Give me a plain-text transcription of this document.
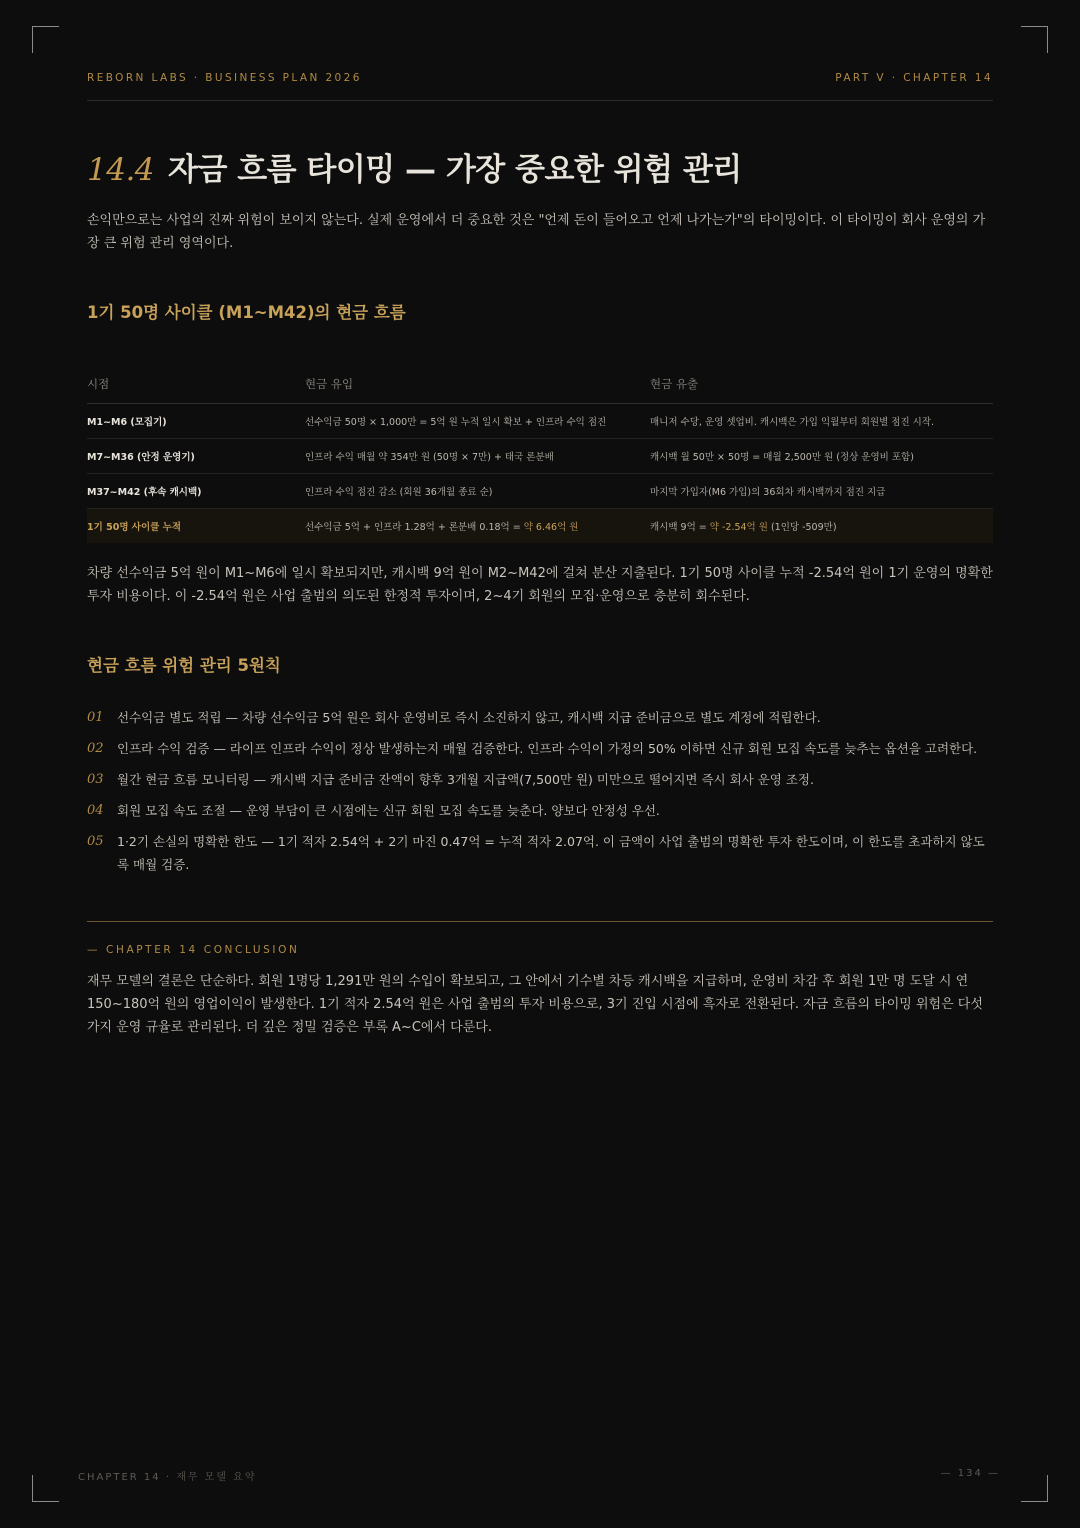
REBORN LABS · BUSINESS PLAN 2026	PART V · CHAPTER 14
14.4 자금 흐름 타이밍 — 가장 중요한 위험 관리
손익만으로는 사업의 진짜 위험이 보이지 않는다. 실제 운영에서 더 중요한 것은 "언제 돈이 들어오고 언제 나가는가"의 타이밍이다. 이 타이밍이 회사 운영의 가장 큰 위험 관리 영역이다.
1기 50명 사이클 (M1~M42)의 현금 흐름
시점	현금 유입	현금 유출
M1~M6 (모집기)	선수익금 50명 × 1,000만 = 5억 원 누적 일시 확보 + 인프라 수익 점진	매니저 수당, 운영 셋업비. 캐시백은 가입 익월부터 회원별 점진 시작.
M7~M36 (안정 운영기)	인프라 수익 매월 약 354만 원 (50명 × 7만) + 태국 론분배	캐시백 월 50만 × 50명 = 매월 2,500만 원 (정상 운영비 포함)
M37~M42 (후속 캐시백)	인프라 수익 점진 감소 (회원 36개월 종료 순)	마지막 가입자(M6 가입)의 36회차 캐시백까지 점진 지급
1기 50명 사이클 누적	선수익금 5억 + 인프라 1.28억 + 론분배 0.18억 = 약 6.46억 원	캐시백 9억 = 약 -2.54억 원 (1인당 -509만)
차량 선수익금 5억 원이 M1~M6에 일시 확보되지만, 캐시백 9억 원이 M2~M42에 걸쳐 분산 지출된다. 1기 50명 사이클 누적 -2.54억 원이 1기 운영의 명확한 투자 비용이다. 이 -2.54억 원은 사업 출범의 의도된 한정적 투자이며, 2~4기 회원의 모집·운영으로 충분히 회수된다.
현금 흐름 위험 관리 5원칙
01	선수익금 별도 적립 — 차량 선수익금 5억 원은 회사 운영비로 즉시 소진하지 않고, 캐시백 지급 준비금으로 별도 계정에 적립한다.
02	인프라 수익 검증 — 라이프 인프라 수익이 정상 발생하는지 매월 검증한다. 인프라 수익이 가정의 50% 이하면 신규 회원 모집 속도를 늦추는 옵션을 고려한다.
03	월간 현금 흐름 모니터링 — 캐시백 지급 준비금 잔액이 향후 3개월 지급액(7,500만 원) 미만으로 떨어지면 즉시 회사 운영 조정.
04	회원 모집 속도 조절 — 운영 부담이 큰 시점에는 신규 회원 모집 속도를 늦춘다. 양보다 안정성 우선.
05	1·2기 손실의 명확한 한도 — 1기 적자 2.54억 + 2기 마진 0.47억 = 누적 적자 2.07억. 이 금액이 사업 출범의 명확한 투자 한도이며, 이 한도를 초과하지 않도록 매월 검증.
— CHAPTER 14 CONCLUSION
재무 모델의 결론은 단순하다. 회원 1명당 1,291만 원의 수입이 확보되고, 그 안에서 기수별 차등 캐시백을 지급하며, 운영비 차감 후 회원 1만 명 도달 시 연 150~180억 원의 영업이익이 발생한다. 1기 적자 2.54억 원은 사업 출범의 투자 비용으로, 3기 진입 시점에 흑자로 전환된다. 자금 흐름의 타이밍 위험은 다섯 가지 운영 규율로 관리된다. 더 깊은 정밀 검증은 부록 A~C에서 다룬다.
CHAPTER 14 · 재무 모델 요약	— 134 —
